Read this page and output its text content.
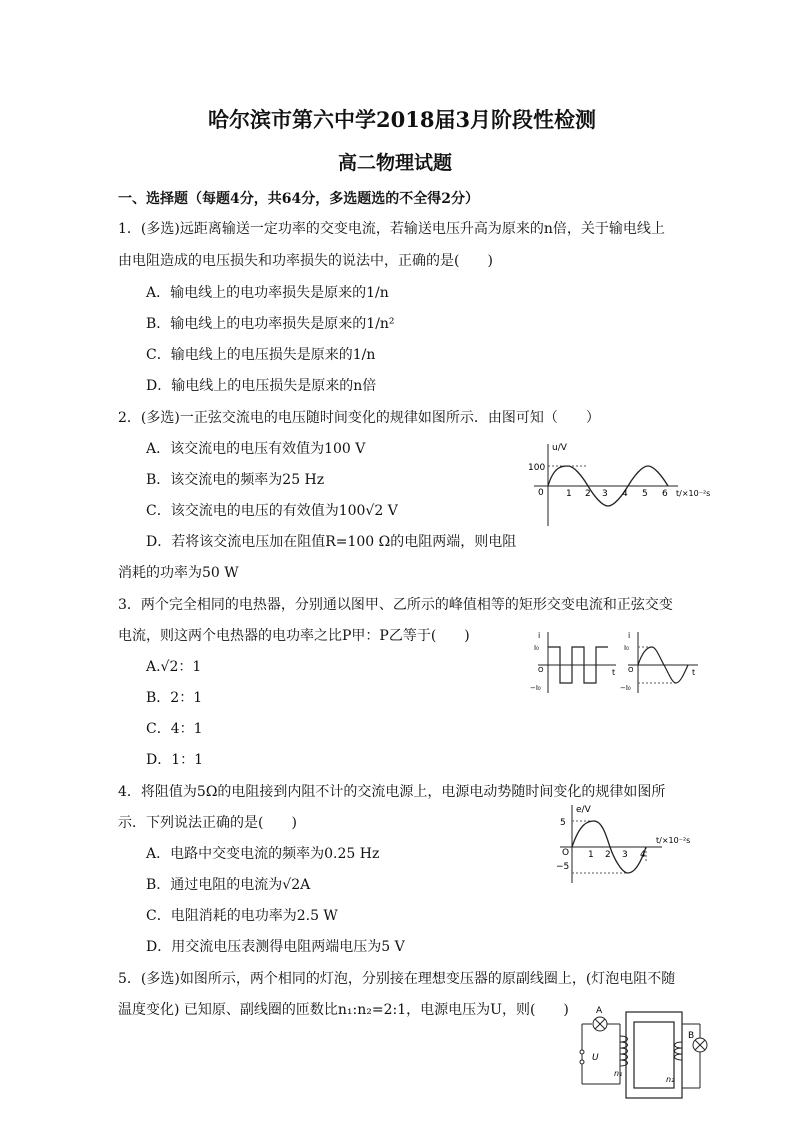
哈尔滨市第六中学2018届3月阶段性检测
高二物理试题
一、选择题（每题4分，共64分，多选题选的不全得2分）
1．(多选)远距离输送一定功率的交变电流，若输送电压升高为原来的n倍，关于输电线上
由电阻造成的电压损失和功率损失的说法中，正确的是(　　)
A．输电线上的电功率损失是原来的1/n
B．输电线上的电功率损失是原来的1/n²
C．输电线上的电压损失是原来的1/n
D．输电线上的电压损失是原来的n倍
2．(多选)一正弦交流电的电压随时间变化的规律如图所示．由图可知（　　）
A．该交流电的电压有效值为100 V
B．该交流电的频率为25 Hz
C．该交流电的电压的有效值为100√2 V
D．若将该交流电压加在阻值R=100 Ω的电阻两端，则电阻
消耗的功率为50 W
u/V
100
0 1 2 3 4 5 6 t/×10⁻²s
3．两个完全相同的电热器，分别通以图甲、乙所示的峰值相等的矩形交变电流和正弦交变
电流，则这两个电热器的电功率之比P甲：P乙等于(　　)
A.√2：1
B．2：1
C．4：1
D．1：1
i
I₀
O
−I₀
t
i
I₀
O
−I₀
t
4．将阻值为5Ω的电阻接到内阻不计的交流电源上，电源电动势随时间变化的规律如图所
示．下列说法正确的是(　　)
A．电路中交变电流的频率为0.25 Hz
B．通过电阻的电流为√2A
C．电阻消耗的电功率为2.5 W
D．用交流电压表测得电阻两端电压为5 V
e/V
5
O
−5
1 2 3 4
t/×10⁻²s
5．(多选)如图所示，两个相同的灯泡，分别接在理想变压器的原副线圈上，(灯泡电阻不随
温度变化) 已知原、副线圈的匝数比n₁:n₂=2:1，电源电压为U，则(　　)	A
U
n₁
n₂
B
